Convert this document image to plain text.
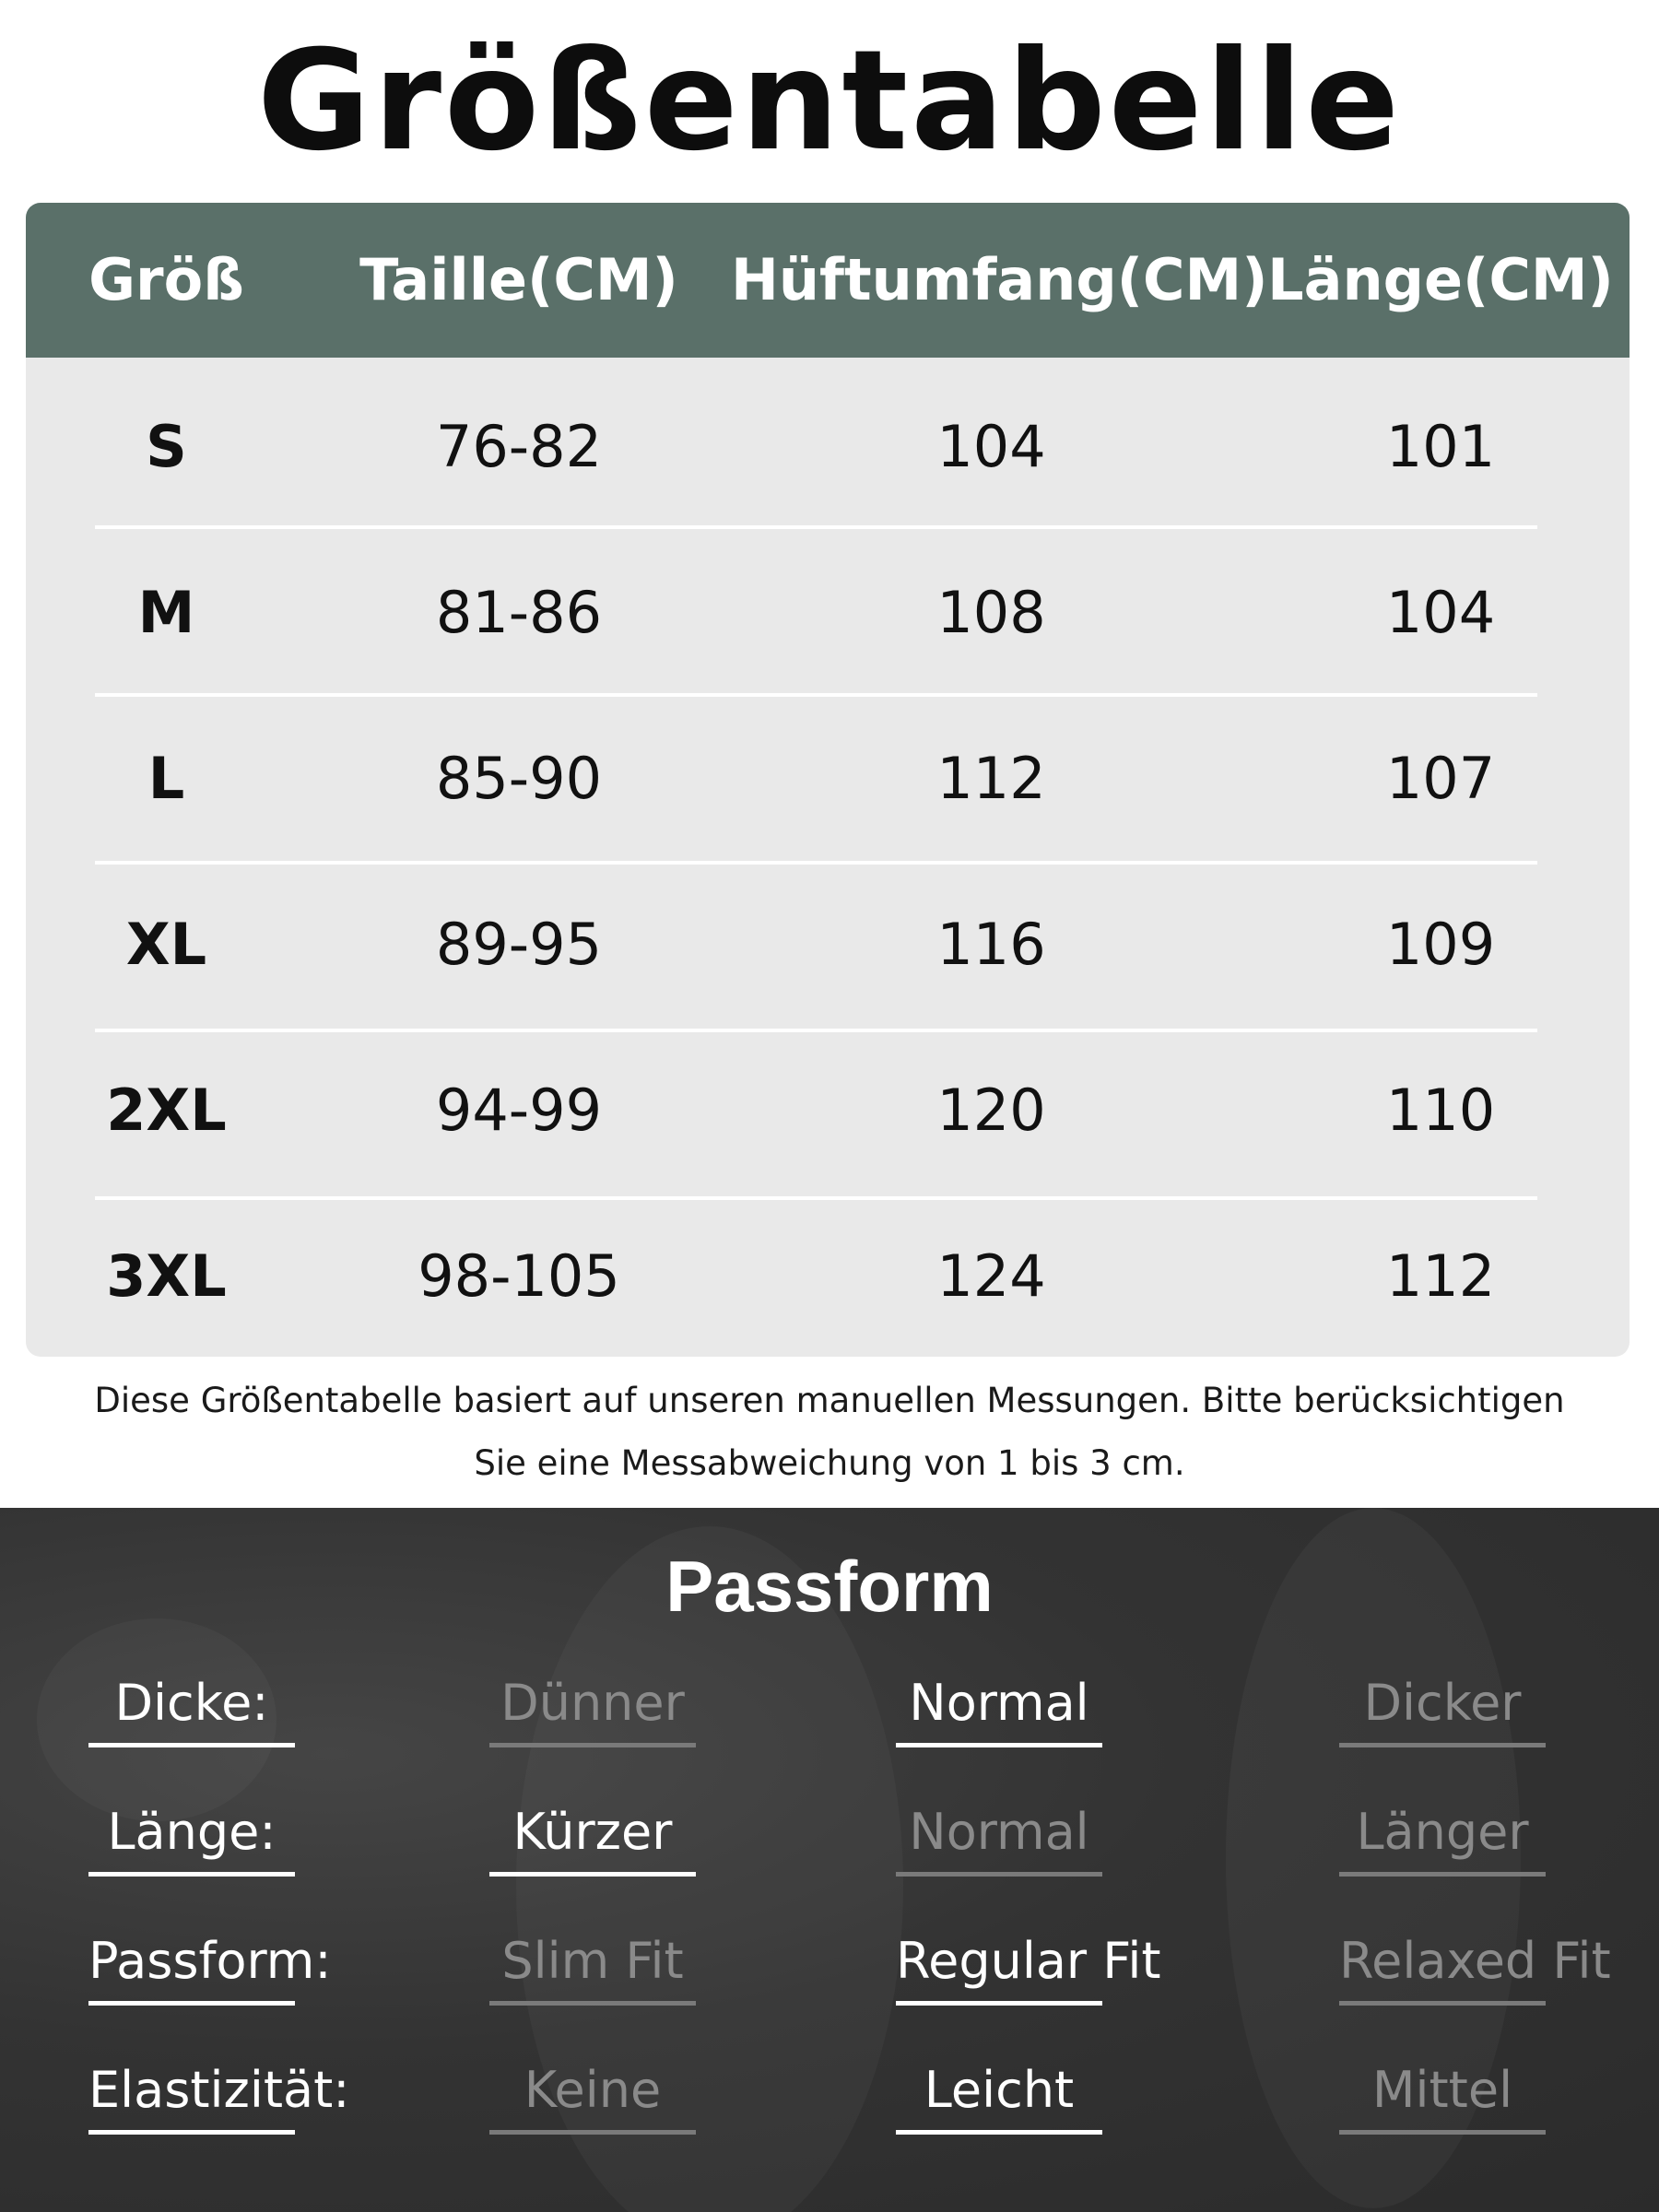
Größentabelle
Größ	Taille(CM) Hüftumfang(CM) Länge(CM)
S	76-82	104	101
M	81-86	108	104
L	85-90	112	107
XL	89-95	116	109
2XL	94-99	120	110
3XL	98-105	124	112
Diese Größentabelle basiert auf unseren manuellen Messungen. Bitte berücksichtigen
Sie eine Messabweichung von 1 bis 3 cm.
Passform
Dicke:	Dünner	Normal	Dicker
Länge:	Kürzer	Normal	Länger
Passform:	Slim Fit	Regular Fit	Relaxed Fit
Elastizität:	Keine	Leicht	Mittel
